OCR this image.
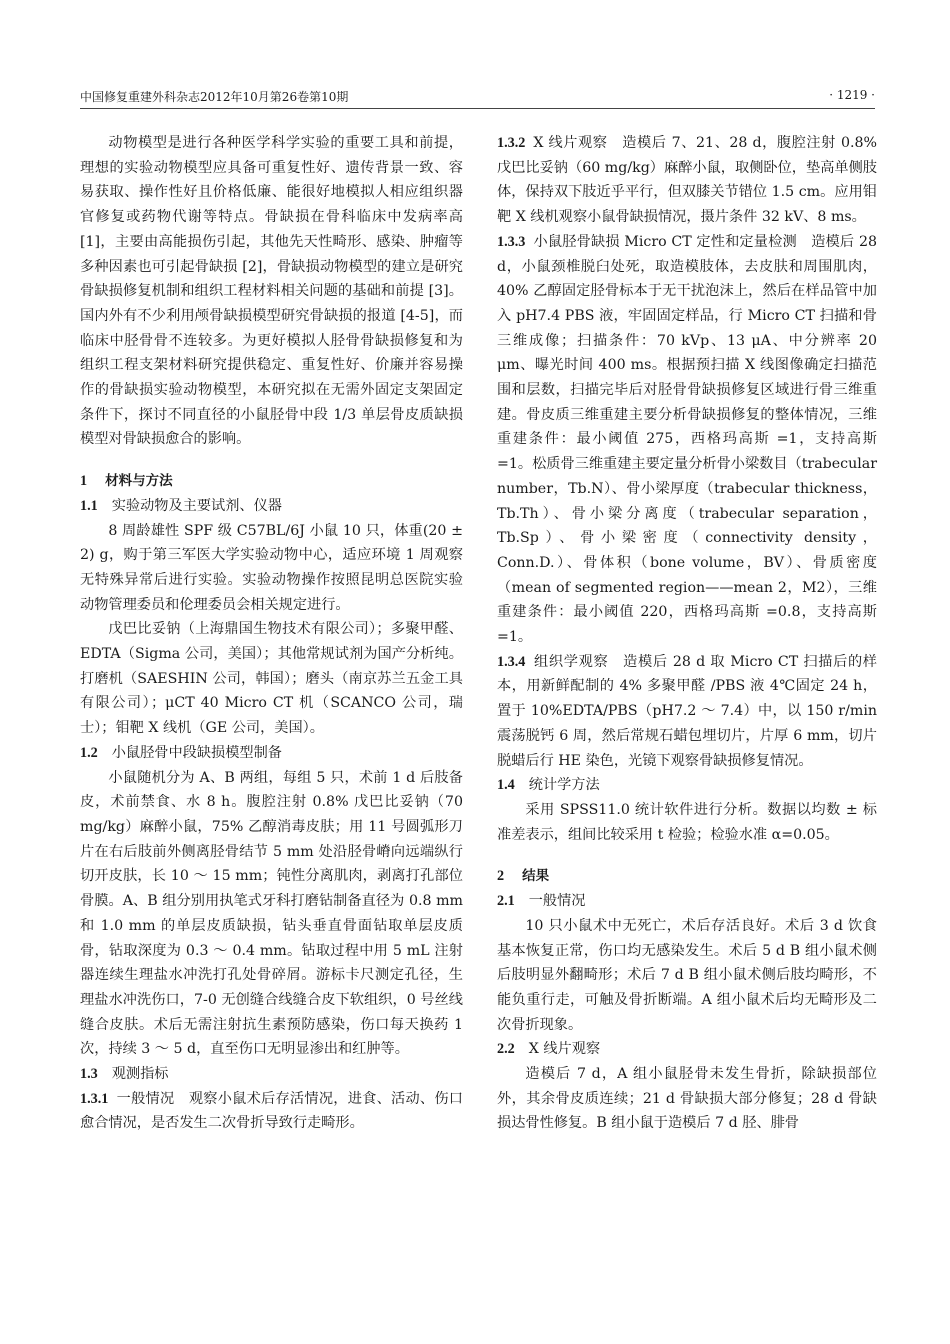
中国修复重建外科杂志2012年10月第26卷第10期	· 1219 ·

动物模型是进行各种医学科学实验的重要工具和前提，理想的实验动物模型应具备可重复性好、遗传背景一致、容易获取、操作性好且价格低廉、能很好地模拟人相应组织器官修复或药物代谢等特点。骨缺损在骨科临床中发病率高 [1]，主要由高能损伤引起，其他先天性畸形、感染、肿瘤等多种因素也可引起骨缺损 [2]，骨缺损动物模型的建立是研究骨缺损修复机制和组织工程材料相关问题的基础和前提 [3]。国内外有不少利用颅骨缺损模型研究骨缺损的报道 [4-5]，而临床中胫骨骨不连较多。为更好模拟人胫骨骨缺损修复和为组织工程支架材料研究提供稳定、重复性好、价廉并容易操作的骨缺损实验动物模型，本研究拟在无需外固定支架固定条件下，探讨不同直径的小鼠胫骨中段 1/3 单层骨皮质缺损模型对骨缺损愈合的影响。

1 材料与方法

1.1 实验动物及主要试剂、仪器

8 周龄雄性 SPF 级 C57BL/6J 小鼠 10 只，体重(20 ± 2) g，购于第三军医大学实验动物中心，适应环境 1 周观察无特殊异常后进行实验。实验动物操作按照昆明总医院实验动物管理委员和伦理委员会相关规定进行。

戊巴比妥钠（上海鼎国生物技术有限公司）；多聚甲醛、EDTA（Sigma 公司，美国）；其他常规试剂为国产分析纯。打磨机（SAESHIN 公司，韩国）；磨头（南京苏兰五金工具有限公司）；μCT 40 Micro CT 机（SCANCO 公司，瑞士）；钼靶 X 线机（GE 公司，美国）。

1.2 小鼠胫骨中段缺损模型制备

小鼠随机分为 A、B 两组，每组 5 只，术前 1 d 后肢备皮，术前禁食、水 8 h。腹腔注射 0.8% 戊巴比妥钠（70 mg/kg）麻醉小鼠，75% 乙醇消毒皮肤；用 11 号圆弧形刀片在右后肢前外侧离胫骨结节 5 mm 处沿胫骨嵴向远端纵行切开皮肤，长 10 ～ 15 mm；钝性分离肌肉，剥离打孔部位骨膜。A、B 组分别用执笔式牙科打磨钻制备直径为 0.8 mm 和 1.0 mm 的单层皮质缺损，钻头垂直骨面钻取单层皮质骨，钻取深度为 0.3 ～ 0.4 mm。钻取过程中用 5 mL 注射器连续生理盐水冲洗打孔处骨碎屑。游标卡尺测定孔径，生理盐水冲洗伤口，7-0 无创缝合线缝合皮下软组织，0 号丝线缝合皮肤。术后无需注射抗生素预防感染，伤口每天换药 1 次，持续 3 ～ 5 d，直至伤口无明显渗出和红肿等。

1.3 观测指标

1.3.1 一般情况　观察小鼠术后存活情况，进食、活动、伤口愈合情况，是否发生二次骨折导致行走畸形。

1.3.2 X 线片观察　造模后 7、21、28 d，腹腔注射 0.8% 戊巴比妥钠（60 mg/kg）麻醉小鼠，取侧卧位，垫高单侧肢体，保持双下肢近乎平行，但双膝关节错位 1.5 cm。应用钼靶 X 线机观察小鼠骨缺损情况，摄片条件 32 kV、8 ms。

1.3.3 小鼠胫骨缺损 Micro CT 定性和定量检测　造模后 28 d，小鼠颈椎脱臼处死，取造模肢体，去皮肤和周围肌肉，40% 乙醇固定胫骨标本于无干扰泡沫上，然后在样品管中加入 pH7.4 PBS 液，牢固固定样品，行 Micro CT 扫描和骨三维成像；扫描条件：70 kVp、13 μA、中分辨率 20 μm、曝光时间 400 ms。根据预扫描 X 线图像确定扫描范围和层数，扫描完毕后对胫骨骨缺损修复区域进行骨三维重建。骨皮质三维重建主要分析骨缺损修复的整体情况，三维重建条件：最小阈值 275，西格玛高斯 =1，支持高斯 =1。松质骨三维重建主要定量分析骨小梁数目（trabecular number，Tb.N）、骨小梁厚度（trabecular thickness，Tb.Th）、骨小梁分离度（trabecular separation，Tb.Sp）、骨小梁密度（connectivity density，Conn.D.）、骨体积（bone volume，BV）、骨质密度（mean of segmented region——mean 2，M2），三维重建条件：最小阈值 220，西格玛高斯 =0.8，支持高斯 =1。

1.3.4 组织学观察　造模后 28 d 取 Micro CT 扫描后的样本，用新鲜配制的 4% 多聚甲醛 /PBS 液 4℃固定 24 h，置于 10%EDTA/PBS（pH7.2 ～ 7.4）中，以 150 r/min 震荡脱钙 6 周，然后常规石蜡包埋切片，片厚 6 mm，切片脱蜡后行 HE 染色，光镜下观察骨缺损修复情况。

1.4 统计学方法

采用 SPSS11.0 统计软件进行分析。数据以均数 ± 标准差表示，组间比较采用 t 检验；检验水准 α=0.05。

2 结果

2.1 一般情况

10 只小鼠术中无死亡，术后存活良好。术后 3 d 饮食基本恢复正常，伤口均无感染发生。术后 5 d B 组小鼠术侧后肢明显外翻畸形；术后 7 d B 组小鼠术侧后肢均畸形，不能负重行走，可触及骨折断端。A 组小鼠术后均无畸形及二次骨折现象。

2.2 X 线片观察

造模后 7 d，A 组小鼠胫骨未发生骨折，除缺损部位外，其余骨皮质连续；21 d 骨缺损大部分修复；28 d 骨缺损达骨性修复。B 组小鼠于造模后 7 d 胫、腓骨
